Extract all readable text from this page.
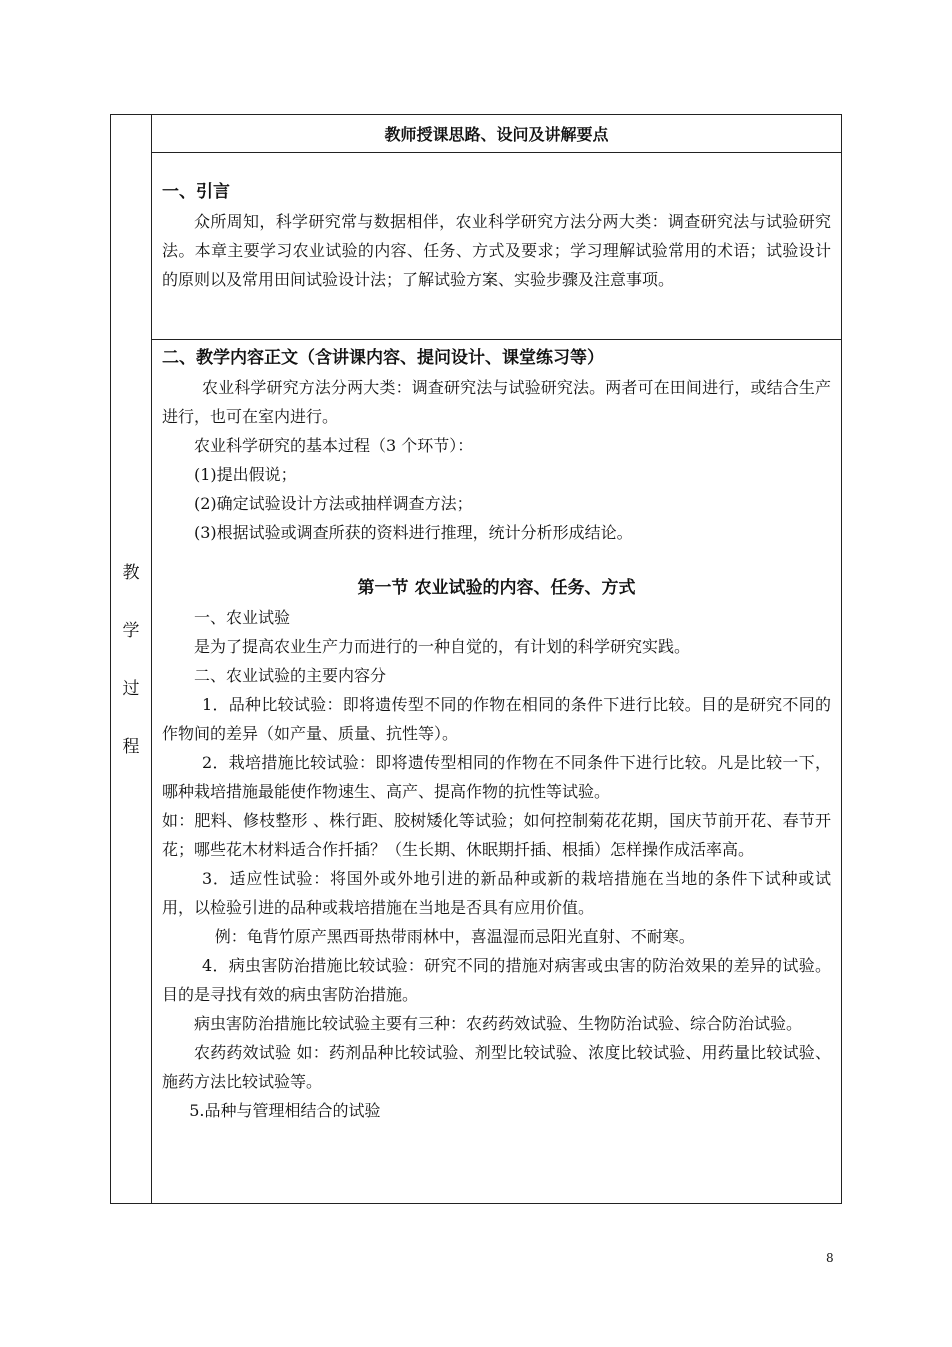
教
学
过
程
教师授课思路、设问及讲解要点
一、引言

众所周知，科学研究常与数据相伴，农业科学研究方法分两大类：调查研究法与试验研究法。本章主要学习农业试验的内容、任务、方式及要求；学习理解试验常用的术语；试验设计的原则以及常用田间试验设计法；了解试验方案、实验步骤及注意事项。

二、教学内容正文（含讲课内容、提问设计、课堂练习等）

农业科学研究方法分两大类：调查研究法与试验研究法。两者可在田间进行，或结合生产进行，也可在室内进行。

农业科学研究的基本过程（3 个环节）：

(1)提出假说；

(2)确定试验设计方法或抽样调查方法；

(3)根据试验或调查所获的资料进行推理，统计分析形成结论。

第一节 农业试验的内容、任务、方式

一、农业试验

是为了提高农业生产力而进行的一种自觉的，有计划的科学研究实践。

二、农业试验的主要内容分

1．品种比较试验：即将遗传型不同的作物在相同的条件下进行比较。目的是研究不同的作物间的差异（如产量、质量、抗性等）。

2．栽培措施比较试验：即将遗传型相同的作物在不同条件下进行比较。凡是比较一下，哪种栽培措施最能使作物速生、高产、提高作物的抗性等试验。

如：肥料、修枝整形 、株行距、胶树矮化等试验；如何控制菊花花期，国庆节前开花、春节开花；哪些花木材料适合作扦插？（生长期、休眠期扦插、根插）怎样操作成活率高。

3．适应性试验：将国外或外地引进的新品种或新的栽培措施在当地的条件下试种或试用，以检验引进的品种或栽培措施在当地是否具有应用价值。

例：龟背竹原产黑西哥热带雨林中，喜温湿而忌阳光直射、不耐寒。

4．病虫害防治措施比较试验：研究不同的措施对病害或虫害的防治效果的差异的试验。目的是寻找有效的病虫害防治措施。

病虫害防治措施比较试验主要有三种：农药药效试验、生物防治试验、综合防治试验。

农药药效试验 如：药剂品种比较试验、剂型比较试验、浓度比较试验、用药量比较试验、施药方法比较试验等。

5.品种与管理相结合的试验

8
